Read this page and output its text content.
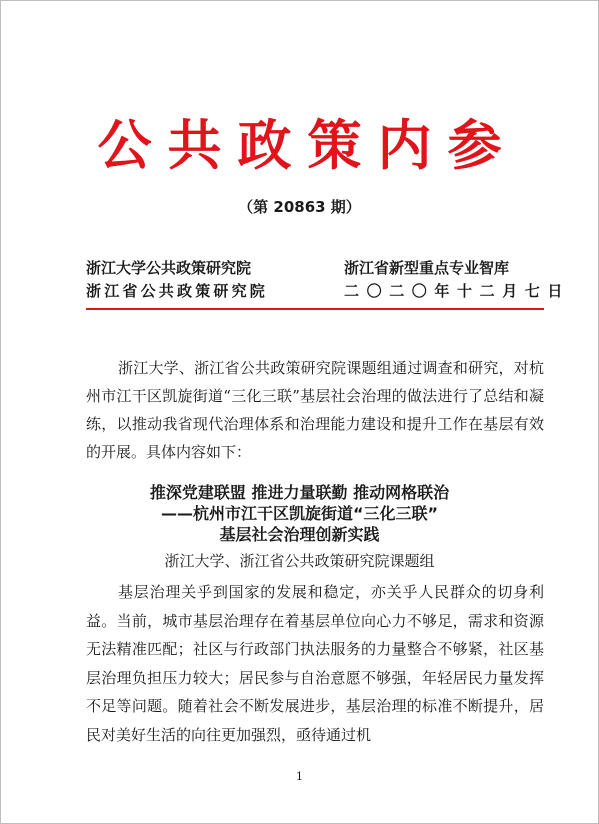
公共政策内参
（第 20863 期）
浙江大学公共政策研究院	浙江省新型重点专业智库
浙江省公共政策研究院	二〇二〇年十二月七日

浙江大学、浙江省公共政策研究院课题组通过调查和研究，对杭州市江干区凯旋街道“三化三联”基层社会治理的做法进行了总结和凝练，以推动我省现代治理体系和治理能力建设和提升工作在基层有效的开展。具体内容如下：

推深党建联盟 推进力量联勤 推动网格联治
——杭州市江干区凯旋街道“三化三联”
基层社会治理创新实践
浙江大学、浙江省公共政策研究院课题组

基层治理关乎到国家的发展和稳定，亦关乎人民群众的切身利益。当前，城市基层治理存在着基层单位向心力不够足，需求和资源无法精准匹配；社区与行政部门执法服务的力量整合不够紧，社区基层治理负担压力较大；居民参与自治意愿不够强，年轻居民力量发挥不足等问题。随着社会不断发展进步，基层治理的标准不断提升，居民对美好生活的向往更加强烈，亟待通过机

1
